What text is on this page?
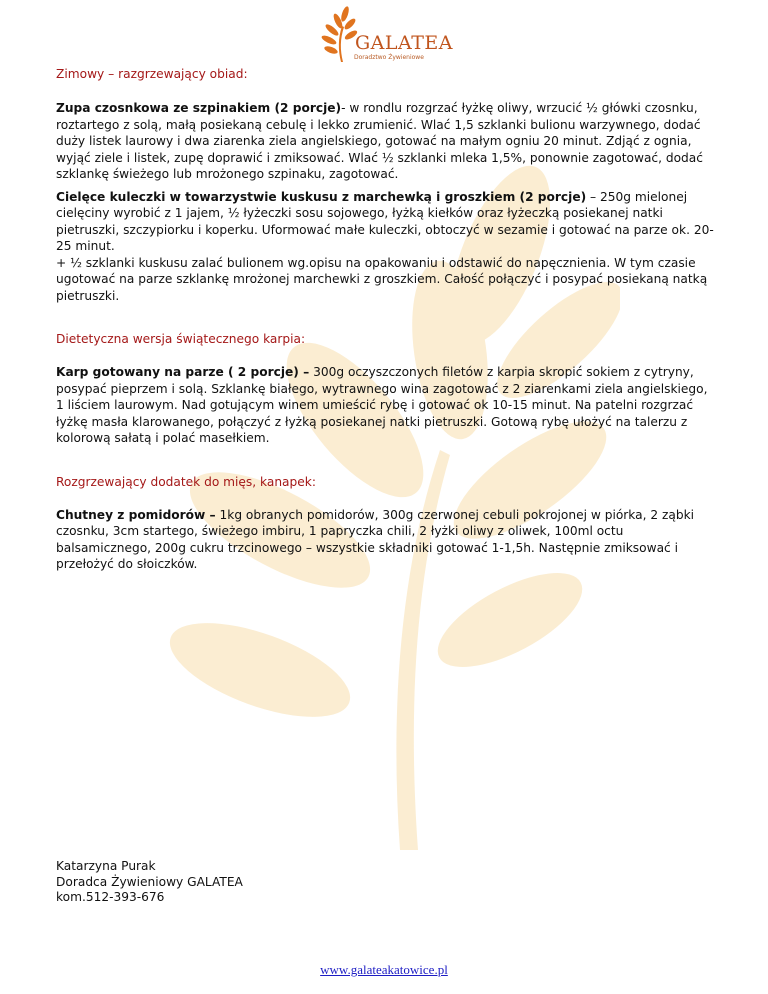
GALATEA
Doradztwo Żywieniowe

Zimowy – razgrzewający obiad:

Zupa czosnkowa ze szpinakiem (2 porcje)- w rondlu rozgrzać łyżkę oliwy, wrzucić ½ główki czosnku, roztartego z solą, małą posiekaną cebulę i lekko zrumienić. Wlać 1,5 szklanki bulionu warzywnego, dodać duży listek laurowy i dwa ziarenka ziela angielskiego, gotować na małym ogniu 20 minut. Zdjąć z ognia, wyjąć ziele i listek, zupę doprawić i zmiksować. Wlać ½ szklanki mleka 1,5%, ponownie zagotować, dodać szklankę świeżego lub mrożonego szpinaku, zagotować.

Cielęce kuleczki w towarzystwie kuskusu z marchewką i groszkiem (2 porcje) – 250g mielonej cielęciny wyrobić z 1 jajem, ½ łyżeczki sosu sojowego, łyżką kiełków oraz łyżeczką posiekanej natki pietruszki, szczypiorku i koperku. Uformować małe kuleczki, obtoczyć w sezamie i gotować na parze ok. 20-25 minut.

+ ½ szklanki kuskusu zalać bulionem wg.opisu na opakowaniu i odstawić do napęcznienia. W tym czasie ugotować na parze szklankę mrożonej marchewki z groszkiem. Całość połączyć i posypać posiekaną natką pietruszki.

Dietetyczna wersja świątecznego karpia:

Karp gotowany na parze ( 2 porcje) – 300g oczyszczonych filetów z karpia skropić sokiem z cytryny, posypać pieprzem i solą. Szklankę białego, wytrawnego wina zagotować z 2 ziarenkami ziela angielskiego, 1 liściem laurowym. Nad gotującym winem umieścić rybę i gotować ok 10-15 minut. Na patelni rozgrzać łyżkę masła klarowanego, połączyć z łyżką posiekanej natki pietruszki. Gotową rybę ułożyć na talerzu z kolorową sałatą i polać masełkiem.

Rozgrzewający dodatek do mięs, kanapek:

Chutney z pomidorów – 1kg obranych pomidorów, 300g czerwonej cebuli pokrojonej w piórka, 2 ząbki czosnku, 3cm startego, świeżego imbiru, 1 papryczka chili, 2 łyżki oliwy z oliwek, 100ml octu balsamicznego, 200g cukru trzcinowego – wszystkie składniki gotować 1-1,5h. Następnie zmiksować i przełożyć do słoiczków.

Katarzyna Purak
Doradca Żywieniowy GALATEA
kom.512-393-676
www.galateakatowice.pl
